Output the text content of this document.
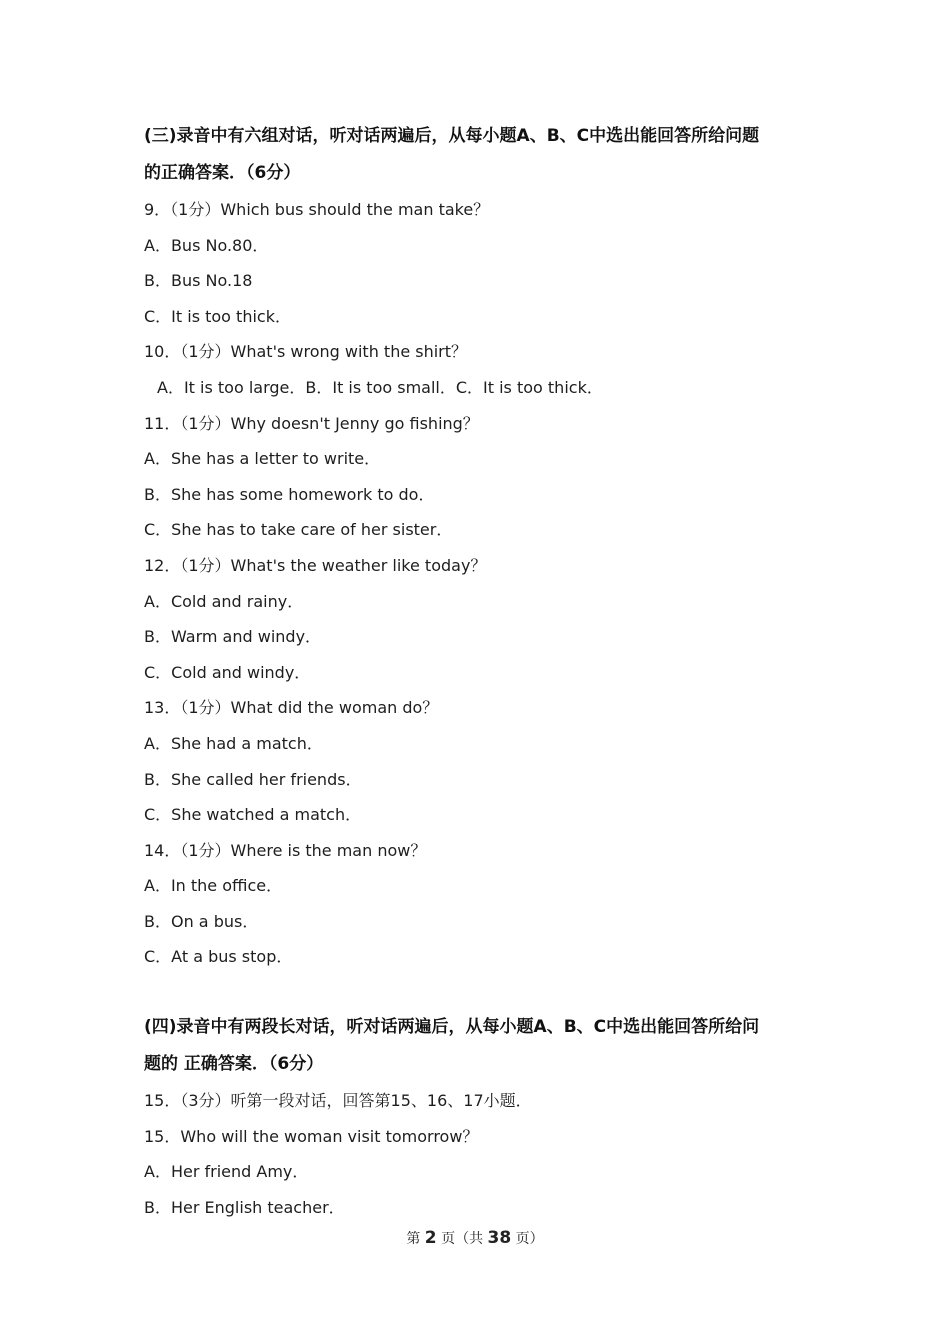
(三)录音中有六组对话，听对话两遍后，从每小题A、B、C中选出能回答所给问题
的正确答案．（6分）
9．（1分）Which bus should the man take？
A．Bus No.80．
B．Bus No.18
C．It is too thick．
10．（1分）What's wrong with the shirt？
A．It is too large．B．It is too small．C．It is too thick．
11．（1分）Why doesn't Jenny go fishing？
A．She has a letter to write．
B．She has some homework to do．
C．She has to take care of her sister．
12．（1分）What's the weather like today？
A．Cold and rainy．
B．Warm and windy．
C．Cold and windy．
13．（1分）What did the woman do？
A．She had a match．
B．She called her friends．
C．She watched a match．
14．（1分）Where is the man now？
A．In the office．
B．On a bus．
C．At a bus stop．
(四)录音中有两段长对话，听对话两遍后，从每小题A、B、C中选出能回答所给问
题的 正确答案．（6分）
15．（3分）听第一段对话，回答第15、16、17小题．
15．Who will the woman visit tomorrow？
A．Her friend Amy．
B．Her English teacher．
第 2 页（共 38 页）
